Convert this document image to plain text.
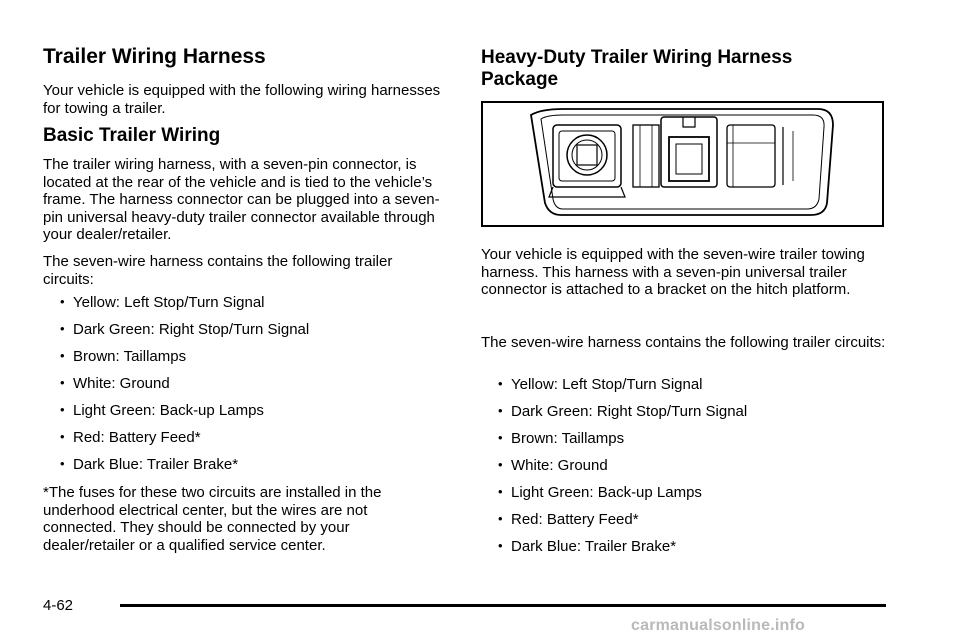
Trailer Wiring Harness

Your vehicle is equipped with the following wiring harnesses for towing a trailer.

Basic Trailer Wiring

The trailer wiring harness, with a seven-pin connector, is located at the rear of the vehicle and is tied to the vehicle’s frame. The harness connector can be plugged into a seven-pin universal heavy-duty trailer connector available through your dealer/retailer.

The seven-wire harness contains the following trailer circuits:

• Yellow: Left Stop/Turn Signal
• Dark Green: Right Stop/Turn Signal
• Brown: Taillamps
• White: Ground
• Light Green: Back-up Lamps
• Red: Battery Feed*
• Dark Blue: Trailer Brake*

*The fuses for these two circuits are installed in the underhood electrical center, but the wires are not connected. They should be connected by your dealer/retailer or a qualified service center.

Heavy-Duty Trailer Wiring Harness
Package

Your vehicle is equipped with the seven-wire trailer towing harness. This harness with a seven-pin universal trailer connector is attached to a bracket on the hitch platform.

The seven-wire harness contains the following trailer circuits:

• Yellow: Left Stop/Turn Signal
• Dark Green: Right Stop/Turn Signal
• Brown: Taillamps
• White: Ground
• Light Green: Back-up Lamps
• Red: Battery Feed*
• Dark Blue: Trailer Brake*
4-62
carmanualsonline.info
